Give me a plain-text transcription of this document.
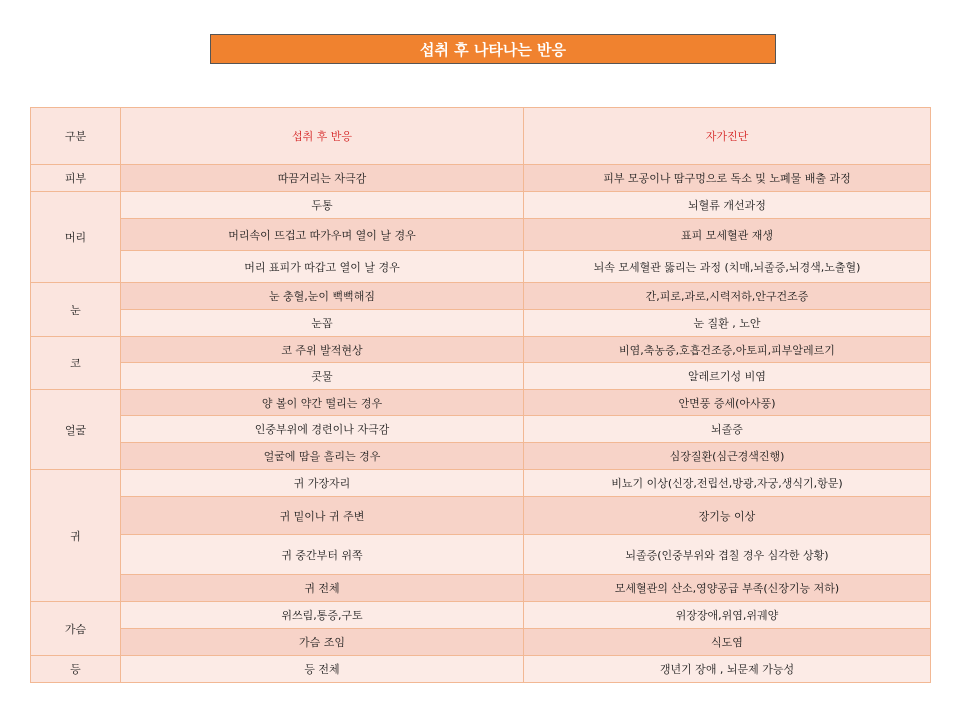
섭취 후 나타나는 반응
구분	섭취 후 반응	자가진단
피부	따끔거리는 자극감	피부 모공이나 땀구멍으로 독소 및 노폐물 배출 과정
머리	두통	뇌혈류 개선과정
	머리속이 뜨겁고 따가우며 열이 날 경우	표피 모세혈관 재생
	머리 표피가 따갑고 열이 날 경우	뇌속 모세혈관 뚫리는 과정 (치매,뇌졸증,뇌경색,노출혈)
눈	눈 충혈,눈이 뻑뻑해짐	간,피로,과로,시력저하,안구건조증
	눈꼽	눈 질환 , 노안
코	코 주위 발적현상	비염,축농증,호흡건조증,아토피,피부알레르기
	콧물	알레르기성 비염
얼굴	양 볼이 약간 떨리는 경우	안면풍 증세(아사풍)
	인중부위에 경련이나 자극감	뇌졸증
	얼굴에 땀을 흘리는 경우	심장질환(심근경색진행)
귀	귀 가장자리	비뇨기 이상(신장,전립선,방광,자궁,생식기,항문)
	귀 밑이나 귀 주변	장기능 이상
	귀 중간부터 위쪽	뇌졸증(인중부위와 겹칠 경우 심각한 상황)
	귀 전체	모세혈관의 산소,영양공급 부족(신장기능 저하)
가슴	위쓰림,통증,구토	위장장애,위염,위궤양
	가슴 조임	식도염
등	등 전체	갱년기 장애 , 뇌문제 가능성
